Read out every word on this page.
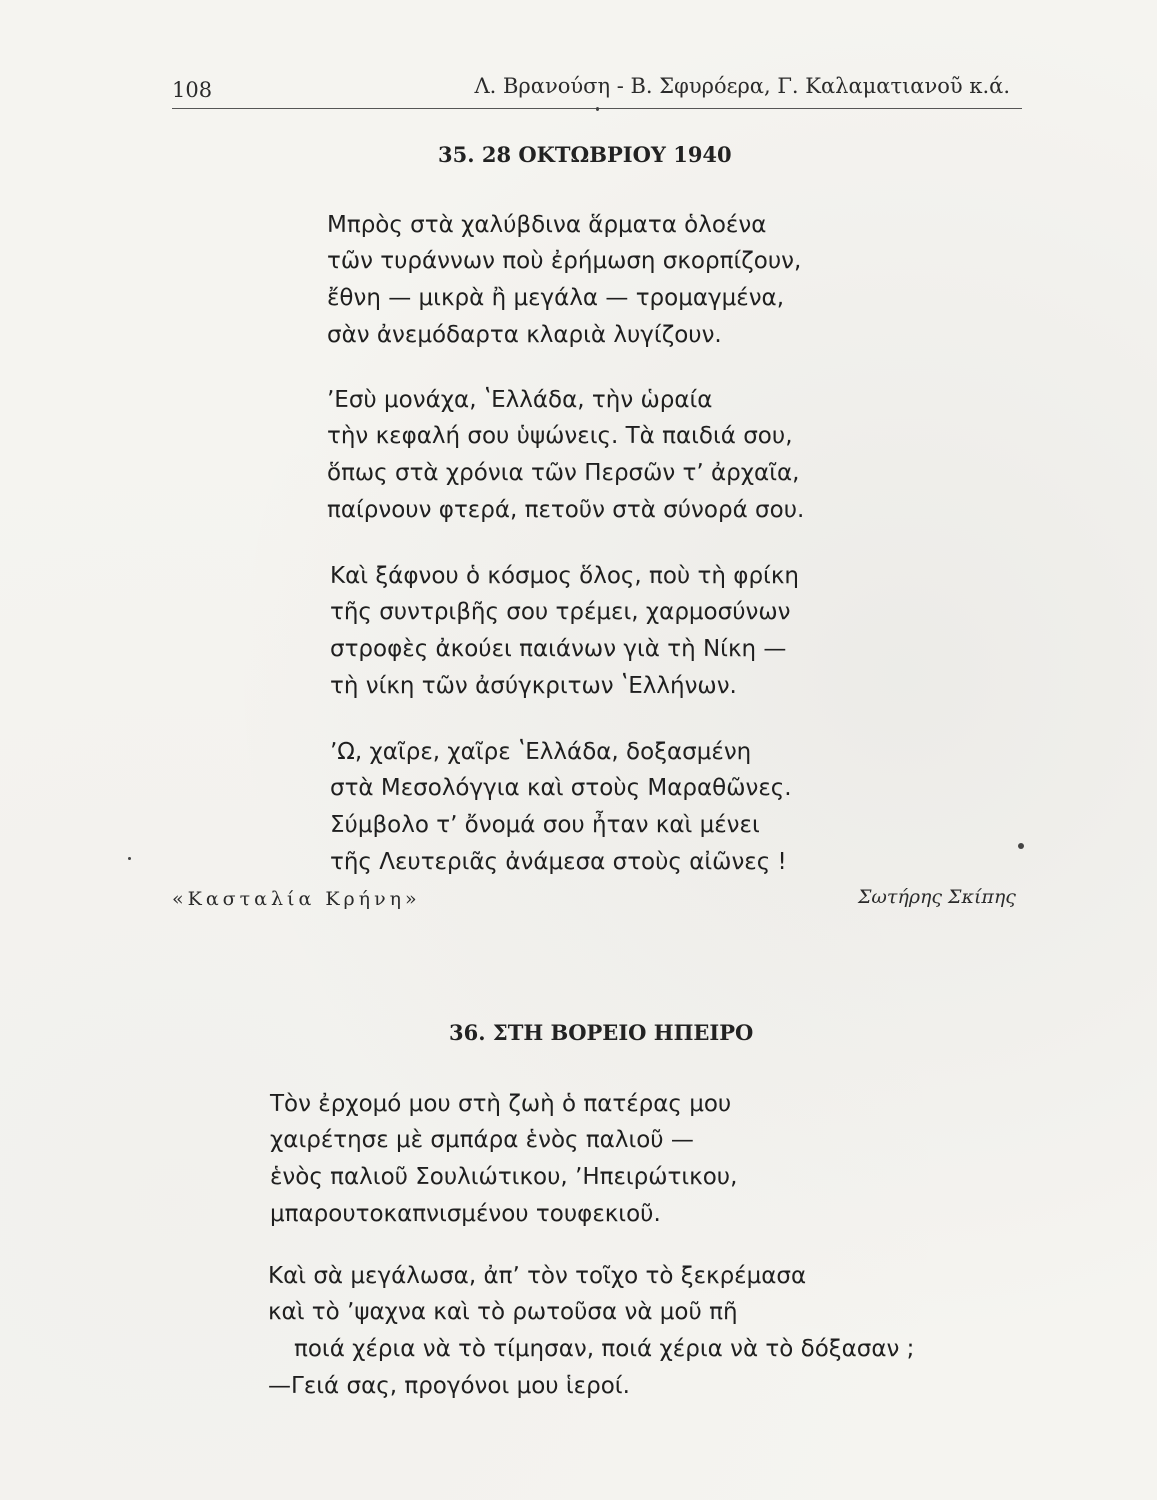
108	Λ. Βρανούση - Β. Σφυρόερα, Γ. Καλαματιανοῦ κ.ά.
35. 28 ΟΚΤΩΒΡΙΟΥ 1940
Μπρὸς στὰ χαλύβδινα ἅρματα ὁλοένα
τῶν τυράννων ποὺ ἐρήμωση σκορπίζουν,
ἔθνη — μικρὰ ἢ μεγάλα — τρομαγμένα,
σὰν ἀνεμόδαρτα κλαριὰ λυγίζουν.
ʼΕσὺ μονάχα, ʽΕλλάδα, τὴν ὡραία
τὴν κεφαλή σου ὑψώνεις. Τὰ παιδιά σου,
ὅπως στὰ χρόνια τῶν Περσῶν τʼ ἀρχαῖα,
παίρνουν φτερά, πετοῦν στὰ σύνορά σου.
Καὶ ξάφνου ὁ κόσμος ὅλος, ποὺ τὴ φρίκη
τῆς συντριβῆς σου τρέμει, χαρμοσύνων
στροφὲς ἀκούει παιάνων γιὰ τὴ Νίκη —
τὴ νίκη τῶν ἀσύγκριτων ʽΕλλήνων.
ʼΩ, χαῖρε, χαῖρε ʽΕλλάδα, δοξασμένη
στὰ Μεσολόγγια καὶ στοὺς Μαραθῶνες.
Σύμβολο τʼ ὄνομά σου ἦταν καὶ μένει
τῆς Λευτεριᾶς ἀνάμεσα στοὺς αἰῶνες !
«Κασταλία Κρήνη»	Σωτήρης Σκίπης
36. ΣΤΗ ΒΟΡΕΙΟ ΗΠΕΙΡΟ
Τὸν ἐρχομό μου στὴ ζωὴ ὁ πατέρας μου
χαιρέτησε μὲ σμπάρα ἑνὸς παλιοῦ —
ἑνὸς παλιοῦ Σουλιώτικου, ʼΗπειρώτικου,
μπαρουτοκαπνισμένου τουφεκιοῦ.
Καὶ σὰ μεγάλωσα, ἀπʼ τὸν τοῖχο τὸ ξεκρέμασα
καὶ τὸ ʼψαχνα καὶ τὸ ρωτοῦσα νὰ μοῦ πῆ
ποιά χέρια νὰ τὸ τίμησαν, ποιά χέρια νὰ τὸ δόξασαν ;
—Γειά σας, προγόνοι μου ἱεροί.
